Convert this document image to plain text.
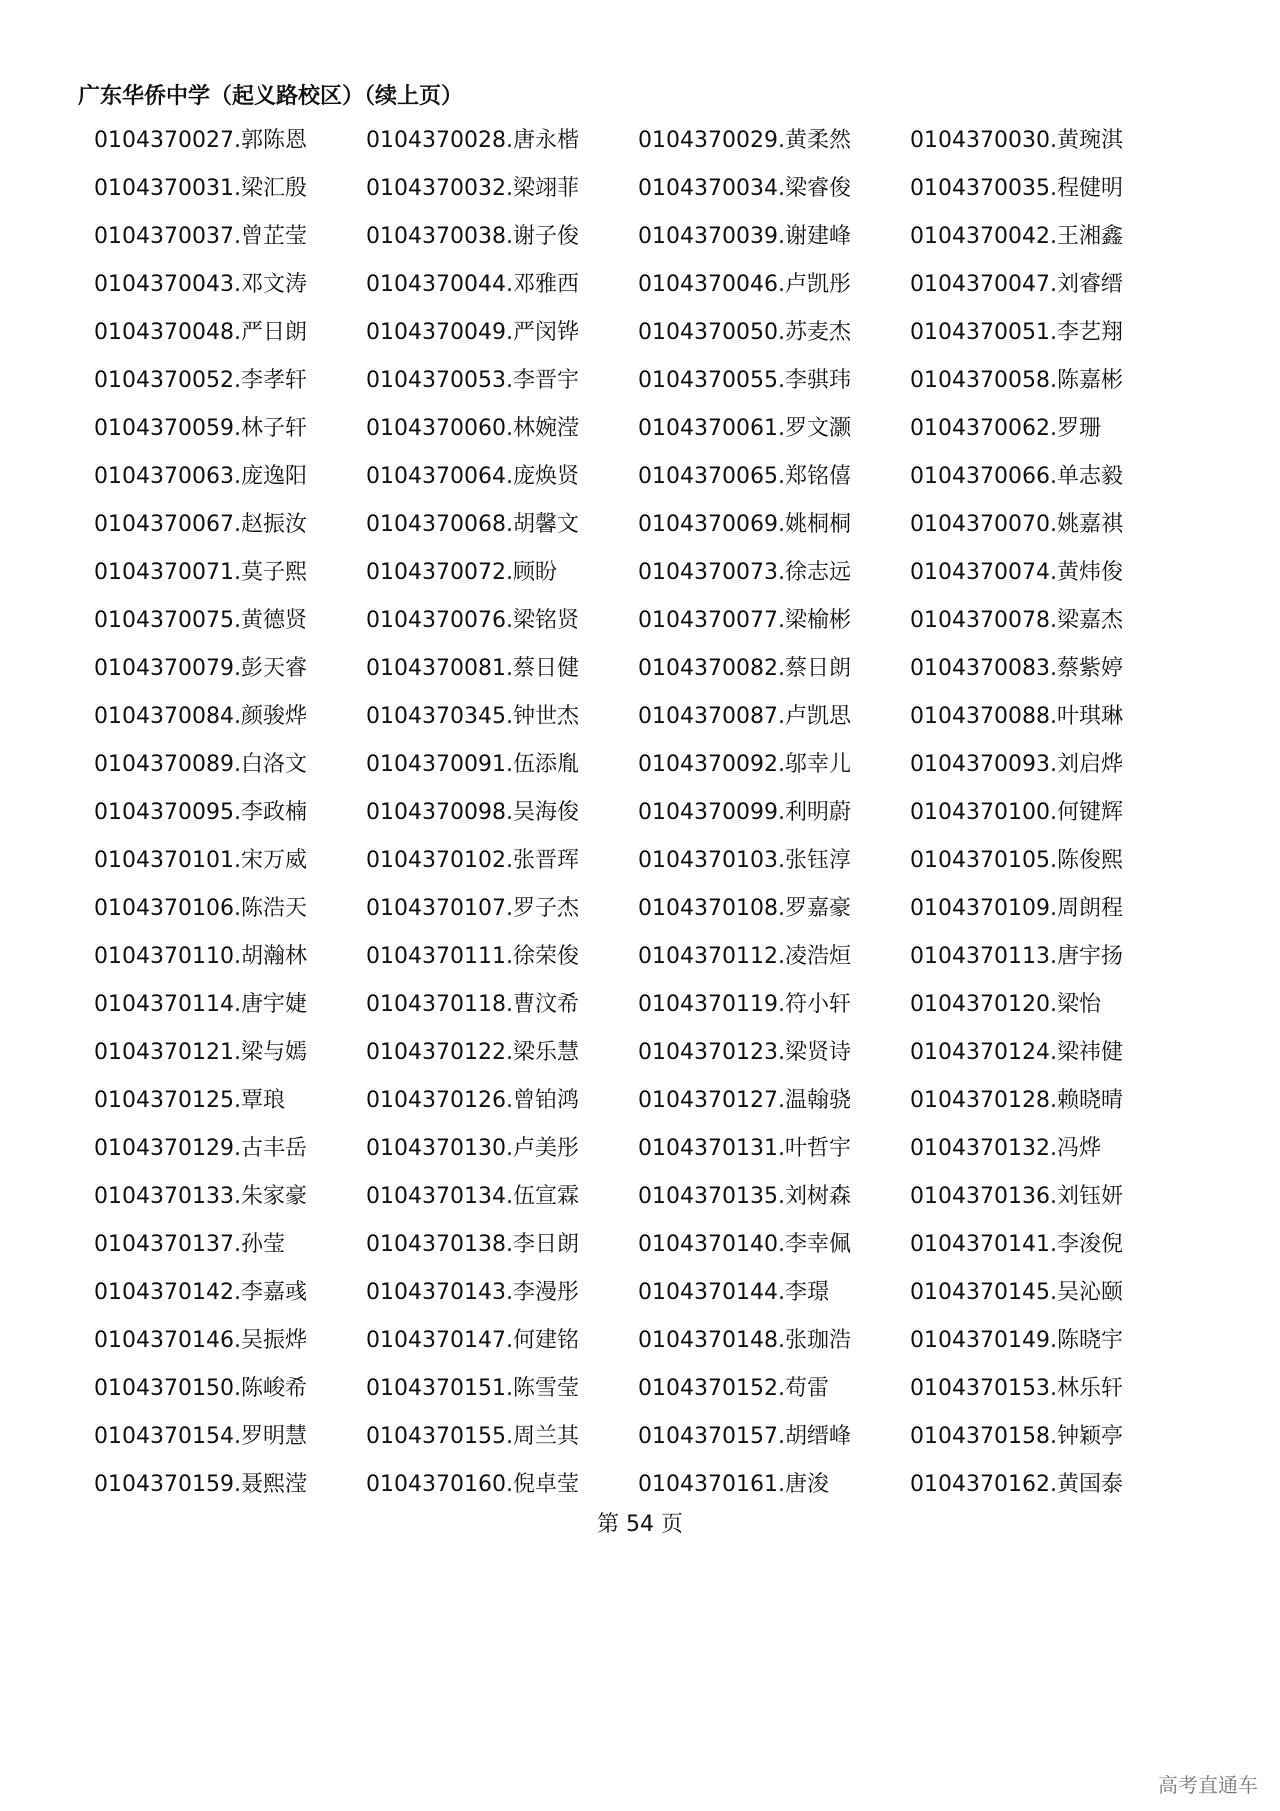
广东华侨中学（起义路校区）（续上页）
0104370027.郭陈恩	0104370028.唐永楷	0104370029.黄柔然	0104370030.黄琬淇
0104370031.梁汇殷	0104370032.梁翊菲	0104370034.梁睿俊	0104370035.程健明
0104370037.曾芷莹	0104370038.谢子俊	0104370039.谢建峰	0104370042.王湘鑫
0104370043.邓文涛	0104370044.邓雅西	0104370046.卢凯彤	0104370047.刘睿缙
0104370048.严日朗	0104370049.严闵铧	0104370050.苏麦杰	0104370051.李艺翔
0104370052.李孝轩	0104370053.李晋宇	0104370055.李骐玮	0104370058.陈嘉彬
0104370059.林子轩	0104370060.林婉滢	0104370061.罗文灏	0104370062.罗珊
0104370063.庞逸阳	0104370064.庞焕贤	0104370065.郑铭僖	0104370066.单志毅
0104370067.赵振汝	0104370068.胡馨文	0104370069.姚桐桐	0104370070.姚嘉祺
0104370071.莫子熙	0104370072.顾盼	0104370073.徐志远	0104370074.黄炜俊
0104370075.黄德贤	0104370076.梁铭贤	0104370077.梁榆彬	0104370078.梁嘉杰
0104370079.彭天睿	0104370081.蔡日健	0104370082.蔡日朗	0104370083.蔡紫婷
0104370084.颜骏烨	0104370345.钟世杰	0104370087.卢凯思	0104370088.叶琪琳
0104370089.白洛文	0104370091.伍添胤	0104370092.邬幸儿	0104370093.刘启烨
0104370095.李政楠	0104370098.吴海俊	0104370099.利明蔚	0104370100.何键辉
0104370101.宋万威	0104370102.张晋珲	0104370103.张钰淳	0104370105.陈俊熙
0104370106.陈浩天	0104370107.罗子杰	0104370108.罗嘉豪	0104370109.周朗程
0104370110.胡瀚林	0104370111.徐荣俊	0104370112.凌浩烜	0104370113.唐宇扬
0104370114.唐宇婕	0104370118.曹汶希	0104370119.符小轩	0104370120.梁怡
0104370121.梁与嫣	0104370122.梁乐慧	0104370123.梁贤诗	0104370124.梁祎健
0104370125.覃琅	0104370126.曾铂鸿	0104370127.温翰骁	0104370128.赖晓晴
0104370129.古丰岳	0104370130.卢美彤	0104370131.叶哲宇	0104370132.冯烨
0104370133.朱家豪	0104370134.伍宣霖	0104370135.刘树森	0104370136.刘钰妍
0104370137.孙莹	0104370138.李日朗	0104370140.李幸佩	0104370141.李浚倪
0104370142.李嘉彧	0104370143.李漫彤	0104370144.李璟	0104370145.吴沁颐
0104370146.吴振烨	0104370147.何建铭	0104370148.张珈浩	0104370149.陈晓宇
0104370150.陈峻希	0104370151.陈雪莹	0104370152.苟雷	0104370153.林乐轩
0104370154.罗明慧	0104370155.周兰其	0104370157.胡缙峰	0104370158.钟颖亭
0104370159.聂熙滢	0104370160.倪卓莹	0104370161.唐浚	0104370162.黄国泰
第 54 页
高考直通车
